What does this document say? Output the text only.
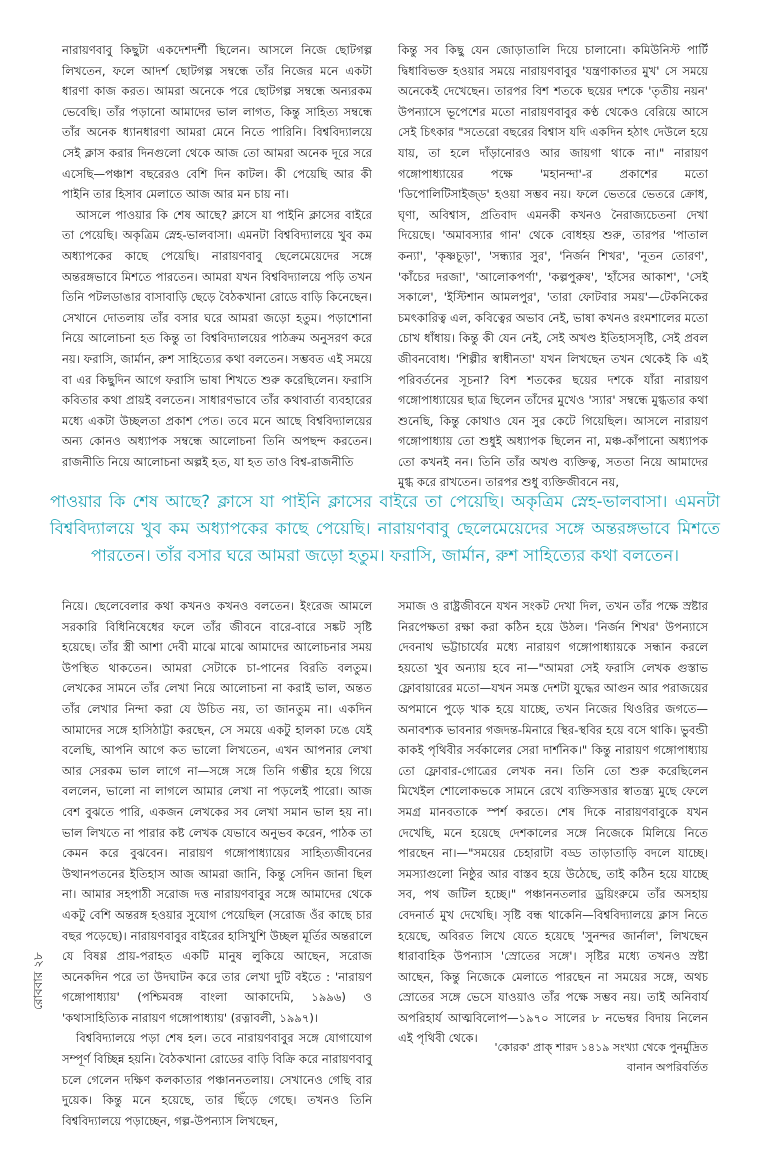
নারায়ণবাবু কিছুটা একদেশদর্শী ছিলেন। আসলে নিজে ছোটগল্প লিখতেন, ফলে আদর্শ ছোটগল্প সম্বন্ধে তাঁর নিজের মনে একটা ধারণা কাজ করত। আমরা অনেকে পরে ছোটগল্প সম্বন্ধে অন্যরকম ভেবেছি। তাঁর পড়ানো আমাদের ভাল লাগত, কিন্তু সাহিত্য সম্বন্ধে তাঁর অনেক ধ্যানধারণা আমরা মেনে নিতে পারিনি। বিশ্ববিদ্যালয়ে সেই ক্লাস করার দিনগুলো থেকে আজ তো আমরা অনেক দূরে সরে এসেছি—পঞ্চাশ বছরেরও বেশি দিন কাটল। কী পেয়েছি আর কী পাইনি তার হিসাব মেলাতে আজ আর মন চায় না।

আসলে পাওয়ার কি শেষ আছে? ক্লাসে যা পাইনি ক্লাসের বাইরে তা পেয়েছি। অকৃত্রিম স্নেহ-ভালবাসা। এমনটা বিশ্ববিদ্যালয়ে খুব কম অধ্যাপকের কাছে পেয়েছি। নারায়ণবাবু ছেলেমেয়েদের সঙ্গে অন্তরঙ্গভাবে মিশতে পারতেন। আমরা যখন বিশ্ববিদ্যালয়ে পড়ি তখন তিনি পটলডাঙার বাসাবাড়ি ছেড়ে বৈঠকখানা রোডে বাড়ি কিনেছেন। সেখানে দোতলায় তাঁর বসার ঘরে আমরা জড়ো হতুম। পড়াশোনা নিয়ে আলোচনা হত কিন্তু তা বিশ্ববিদ্যালয়ের পাঠক্রম অনুসরণ করে নয়। ফরাসি, জার্মান, রুশ সাহিত্যের কথা বলতেন। সম্ভবত এই সময়ে বা এর কিছুদিন আগে ফরাসি ভাষা শিখতে শুরু করেছিলেন। ফরাসি কবিতার কথা প্রায়ই বলতেন। সাধারণভাবে তাঁর কথাবার্তা ব্যবহারের মধ্যে একটা উচ্ছলতা প্রকাশ পেত। তবে মনে আছে বিশ্ববিদ্যালয়ের অন্য কোনও অধ্যাপক সম্বন্ধে আলোচনা তিনি অপছন্দ করতেন। রাজনীতি নিয়ে আলোচনা অল্পই হত, যা হত তাও বিশ্ব-রাজনীতি

কিন্তু সব কিছু যেন জোড়াতালি দিয়ে চালানো। কমিউনিস্ট পার্টি দ্বিধাবিভক্ত হওয়ার সময়ে নারায়ণবাবুর 'যন্ত্রণাকাতর মুখ' সে সময়ে অনেকেই দেখেছেন। তারপর বিশ শতকে ছয়ের দশকে 'তৃতীয় নয়ন' উপন্যাসে ভূপেশের মতো নারায়ণবাবুর কণ্ঠ থেকেও বেরিয়ে আসে সেই চিৎকার "সতেরো বছরের বিশ্বাস যদি একদিন হঠাৎ দেউলে হয়ে যায়, তা হলে দাঁড়ানোরও আর জায়গা থাকে না।" নারায়ণ গঙ্গোপাধ্যায়ের পক্ষে 'মহানন্দা'-র প্রকাশের মতো 'ডিপোলিটিসাইজ্ড' হওয়া সম্ভব নয়। ফলে ভেতরে ভেতরে ক্রোধ, ঘৃণা, অবিশ্বাস, প্রতিবাদ এমনকী কখনও নৈরাজ্যচেতনা দেখা দিয়েছে। 'অমাবস্যার গান' থেকে বোধহয় শুরু, তারপর 'পাতাল কন্যা', 'কৃষ্ণচূড়া', 'সন্ধ্যার সুর', 'নির্জন শিখর', 'নূতন তোরণ', 'কাঁচের দরজা', 'আলোকপর্ণা', 'কল্পপুরুষ', 'হাঁসের আকাশ', 'সেই সকালে', 'ইস্টিশান আমলপুর', 'তারা ফোটবার সময়'—টেকনিকের চমৎকারিত্ব এল, কবিত্বের অভাব নেই, ভাষা কখনও রংমশালের মতো চোখ ধাঁধায়। কিন্তু কী যেন নেই, সেই অখণ্ড ইতিহাসসৃষ্টি, সেই প্রবল জীবনবোধ। 'শিল্পীর স্বাধীনতা' যখন লিখছেন তখন থেকেই কি এই পরিবর্তনের সূচনা? বিশ শতকের ছয়ের দশকে যাঁরা নারায়ণ গঙ্গোপাধ্যায়ের ছাত্র ছিলেন তাঁদের মুখেও 'স্যার' সম্বন্ধে মুগ্ধতার কথা শুনেছি, কিন্তু কোথাও যেন সুর কেটে গিয়েছিল। আসলে নারায়ণ গঙ্গোপাধ্যায় তো শুধুই অধ্যাপক ছিলেন না, মঞ্চ-কাঁপানো অধ্যাপক তো কখনই নন। তিনি তাঁর অখণ্ড ব্যক্তিত্ব, সততা নিয়ে আমাদের মুগ্ধ করে রাখতেন। তারপর শুধু ব্যক্তিজীবনে নয়,

পাওয়ার কি শেষ আছে? ক্লাসে যা পাইনি ক্লাসের বাইরে তা পেয়েছি। অকৃত্রিম স্নেহ-ভালবাসা। এমনটা বিশ্ববিদ্যালয়ে খুব কম অধ্যাপকের কাছে পেয়েছি। নারায়ণবাবু ছেলেমেয়েদের সঙ্গে অন্তরঙ্গভাবে মিশতে পারতেন। তাঁর বসার ঘরে আমরা জড়ো হতুম। ফরাসি, জার্মান, রুশ সাহিত্যের কথা বলতেন।

নিয়ে। ছেলেবেলার কথা কখনও কখনও বলতেন। ইংরেজ আমলে সরকারি বিধিনিষেধের ফলে তাঁর জীবনে বারে-বারে সঙ্কট সৃষ্টি হয়েছে। তাঁর স্ত্রী আশা দেবী মাঝে মাঝে আমাদের আলোচনার সময় উপস্থিত থাকতেন। আমরা সেটাকে চা-পানের বিরতি বলতুম। লেখকের সামনে তাঁর লেখা নিয়ে আলোচনা না করাই ভাল, অন্তত তাঁর লেখার নিন্দা করা যে উচিত নয়, তা জানতুম না। একদিন আমাদের সঙ্গে হাসিঠাট্টা করছেন, সে সময়ে একটু হালকা ঢঙে যেই বলেছি, আপনি আগে কত ভালো লিখতেন, এখন আপনার লেখা আর সেরকম ভাল লাগে না—সঙ্গে সঙ্গে তিনি গম্ভীর হয়ে গিয়ে বললেন, ভালো না লাগলে আমার লেখা না পড়লেই পারো। আজ বেশ বুঝতে পারি, একজন লেখকের সব লেখা সমান ভাল হয় না। ভাল লিখতে না পারার কষ্ট লেখক যেভাবে অনুভব করেন, পাঠক তা কেমন করে বুঝবেন। নারায়ণ গঙ্গোপাধ্যায়ের সাহিত্যজীবনের উত্থানপতনের ইতিহাস আজ আমরা জানি, কিন্তু সেদিন জানা ছিল না। আমার সহপাঠী সরোজ দত্ত নারায়ণবাবুর সঙ্গে আমাদের থেকে একটু বেশি অন্তরঙ্গ হওয়ার সুযোগ পেয়েছিল (সরোজ ওঁর কাছে চার বছর পড়েছে)। নারায়ণবাবুর বাইরের হাসিখুশি উচ্ছল মূর্তির অন্তরালে যে বিষণ্ণ প্রায়-পরাহত একটি মানুষ লুকিয়ে আছেন, সরোজ অনেকদিন পরে তা উদঘাটন করে তার লেখা দুটি বইতে : 'নারায়ণ গঙ্গোপাধ্যায়' (পশ্চিমবঙ্গ বাংলা আকাদেমি, ১৯৯৬) ও 'কথাসাহিত্যিক নারায়ণ গঙ্গোপাধ্যায়' (রত্নাবলী, ১৯৯৭)।

বিশ্ববিদ্যালয়ে পড়া শেষ হল। তবে নারায়ণবাবুর সঙ্গে যোগাযোগ সম্পূর্ণ বিচ্ছিন্ন হয়নি। বৈঠকখানা রোডের বাড়ি বিক্রি করে নারায়ণবাবু চলে গেলেন দক্ষিণ কলকাতার পঞ্চাননতলায়। সেখানেও গেছি বার দুয়েক। কিন্তু মনে হয়েছে, তার ছিঁড়ে গেছে। তখনও তিনি বিশ্ববিদ্যালয়ে পড়াচ্ছেন, গল্প-উপন্যাস লিখছেন,

সমাজ ও রাষ্ট্রজীবনে যখন সংকট দেখা দিল, তখন তাঁর পক্ষে স্রষ্টার নিরপেক্ষতা রক্ষা করা কঠিন হয়ে উঠল। 'নির্জন শিখর' উপন্যাসে দেবনাথ ভট্টাচার্যের মধ্যে নারায়ণ গঙ্গোপাধ্যায়কে সন্ধান করলে হয়তো খুব অন্যায় হবে না—"আমরা সেই ফরাসি লেখক গুস্তাভ ফ্লোবায়ারের মতো—যখন সমস্ত দেশটা যুদ্ধের আগুন আর পরাজয়ের অপমানে পুড়ে খাক হয়ে যাচ্ছে, তখন নিজের থিওরির জগতে—অনাবশ্যক ভাবনার গজদন্ত-মিনারে স্থির-স্থবির হয়ে বসে থাকি। ভুবন্ডী কাকই পৃথিবীর সর্বকালের সেরা দার্শনিক।" কিন্তু নারায়ণ গঙ্গোপাধ্যায় তো ফ্লোবার-গোত্রের লেখক নন। তিনি তো শুরু করেছিলেন মিখেইল শোলোকভকে সামনে রেখে ব্যক্তিসত্তার স্বাতন্ত্র্য মুছে ফেলে সমগ্র মানবতাকে স্পর্শ করতে। শেষ দিকে নারায়ণবাবুকে যখন দেখেছি, মনে হয়েছে দেশকালের সঙ্গে নিজেকে মিলিয়ে নিতে পারছেন না।—"সময়ের চেহারাটা বড্ড তাড়াতাড়ি বদলে যাচ্ছে। সমস্যাগুলো নিষ্ঠুর আর বাস্তব হয়ে উঠেছে, তাই কঠিন হয়ে যাচ্ছে সব, পথ জটিল হচ্ছে।" পঞ্চাননতলার ড্রয়িংরুমে তাঁর অসহায় বেদনার্ত মুখ দেখেছি। সৃষ্টি বন্ধ থাকেনি—বিশ্ববিদ্যালয়ে ক্লাস নিতে হয়েছে, অবিরত লিখে যেতে হয়েছে 'সুনন্দর জার্নাল', লিখছেন ধারাবাহিক উপন্যাস 'স্রোতের সঙ্গে'। সৃষ্টির মধ্যে তখনও স্রষ্টা আছেন, কিন্তু নিজেকে মেলাতে পারছেন না সময়ের সঙ্গে, অথচ স্রোতের সঙ্গে ভেসে যাওয়াও তাঁর পক্ষে সম্ভব নয়। তাই অনিবার্য অপরিহার্য আত্মবিলোপ—১৯৭০ সালের ৮ নভেম্বর বিদায় নিলেন এই পৃথিবী থেকে।

'কোরক' প্রাক্‌ শারদ ১৪১৯ সংখ্যা থেকে পুনর্মুদ্রিত
বানান অপরিবর্তিত
রোববার ২৮
